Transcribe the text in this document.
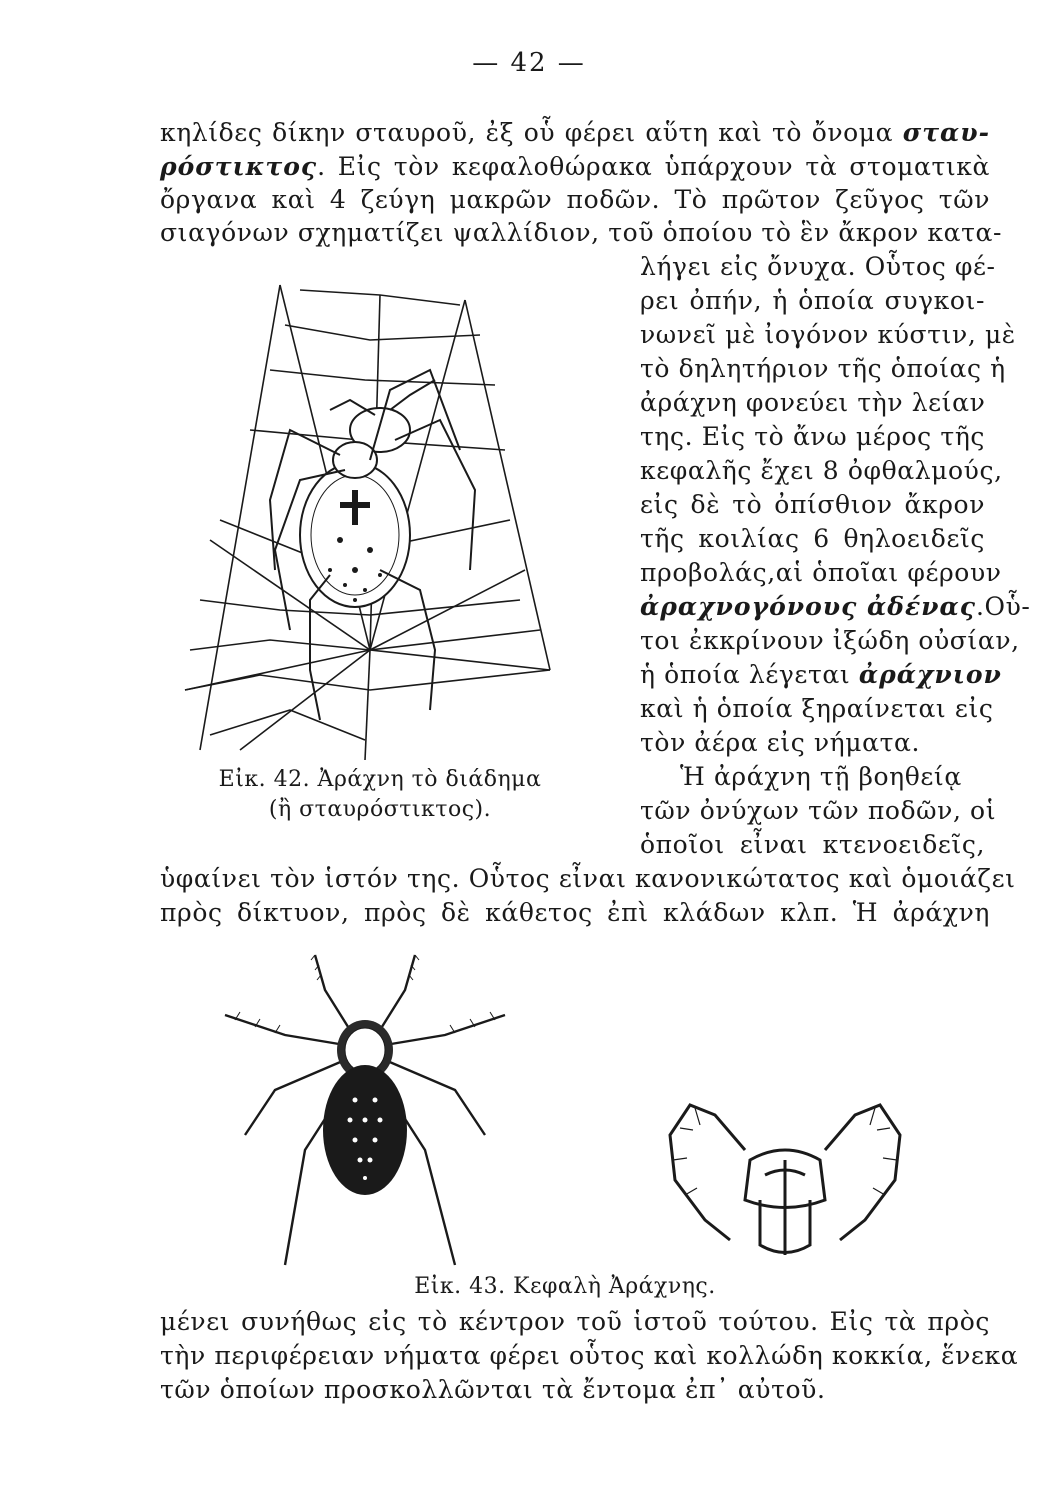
— 42 —
κηλίδες δίκην σταυροῦ, ἐξ οὗ φέρει αὕτη καὶ τὸ ὄνομα σταυ-
ρόστικτος. Εἰς τὸν κεφαλοθώρακα ὑπάρχουν τὰ στοματικὰ
ὄργανα καὶ 4 ζεύγη μακρῶν ποδῶν. Τὸ πρῶτον ζεῦγος τῶν
σιαγόνων σχηματίζει ψαλλίδιον, τοῦ ὁποίου τὸ ἓν ἄκρον κατα-
λήγει εἰς ὄνυχα. Οὗτος φέ-
ρει ὀπήν, ἡ ὁποία συγκοι-
νωνεῖ μὲ ἰογόνον κύστιν, μὲ
τὸ δηλητήριον τῆς ὁποίας ἡ
ἀράχνη φονεύει τὴν λείαν
της. Εἰς τὸ ἄνω μέρος τῆς
κεφαλῆς ἔχει 8 ὀφθαλμούς,
εἰς δὲ τὸ ὀπίσθιον ἄκρον
τῆς κοιλίας 6 θηλοειδεῖς
προβολάς,αἱ ὁποῖαι φέρουν
ἀραχνογόνους ἀδένας.Οὗ-
τοι ἐκκρίνουν ἰξώδη οὐσίαν,
ἡ ὁποία λέγεται ἀράχνιον
καὶ ἡ ὁποία ξηραίνεται εἰς
τὸν ἀέρα εἰς νήματα.
Ἡ ἀράχνη τῇ βοηθείᾳ
τῶν ὀνύχων τῶν ποδῶν, οἱ
ὁποῖοι εἶναι κτενοειδεῖς,
Εἰκ. 42. Ἀράχνη τὸ διάδημα
(ἢ σταυρόστικτος).
ὑφαίνει τὸν ἱστόν της. Οὗτος εἶναι κανονικώτατος καὶ ὁμοιάζει
πρὸς δίκτυον, πρὸς δὲ κάθετος ἐπὶ κλάδων κλπ. Ἡ ἀράχνη
Εἰκ. 43. Κεφαλὴ Ἀράχνης.
μένει συνήθως εἰς τὸ κέντρον τοῦ ἱστοῦ τούτου. Εἰς τὰ πρὸς
τὴν περιφέρειαν νήματα φέρει οὗτος καὶ κολλώδη κοκκία, ἕνεκα
τῶν ὁποίων προσκολλῶνται τὰ ἔντομα ἐπ᾿ αὐτοῦ.
